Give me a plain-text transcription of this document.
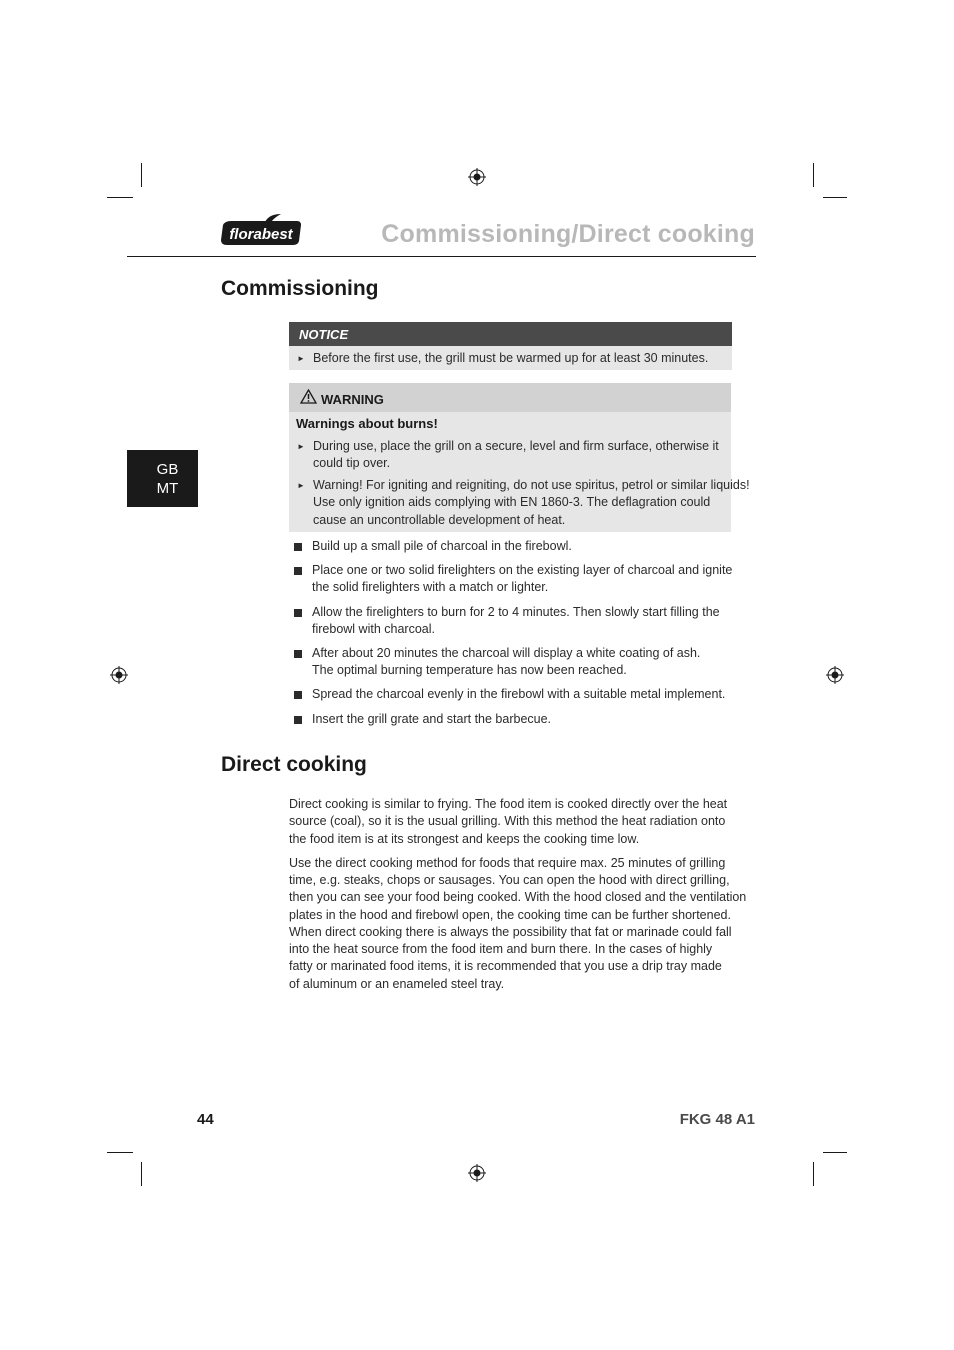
florabest	Commissioning/Direct cooking
GB
MT
Commissioning
NOTICE
► Before the first use, the grill must be warmed up for at least 30 minutes.
WARNING
Warnings about burns!
► During use, place the grill on a secure, level and firm surface, otherwise it
could tip over.
► Warning! For igniting and reigniting, do not use spiritus, petrol or similar liquids!
Use only ignition aids complying with EN 1860-3. The deflagration could
cause an uncontrollable development of heat.
Build up a small pile of charcoal in the firebowl.
Place one or two solid firelighters on the existing layer of charcoal and ignite
the solid firelighters with a match or lighter.
Allow the firelighters to burn for 2 to 4 minutes. Then slowly start filling the
firebowl with charcoal.
After about 20 minutes the charcoal will display a white coating of ash.
The optimal burning temperature has now been reached.
Spread the charcoal evenly in the firebowl with a suitable metal implement.
Insert the grill grate and start the barbecue.
Direct cooking
Direct cooking is similar to frying. The food item is cooked directly over the heat
source (coal), so it is the usual grilling. With this method the heat radiation onto
the food item is at its strongest and keeps the cooking time low.
Use the direct cooking method for foods that require max. 25 minutes of grilling
time, e.g. steaks, chops or sausages. You can open the hood with direct grilling,
then you can see your food being cooked. With the hood closed and the ventilation
plates in the hood and firebowl open, the cooking time can be further shortened.
When direct cooking there is always the possibility that fat or marinade could fall
into the heat source from the food item and burn there. In the cases of highly
fatty or marinated food items, it is recommended that you use a drip tray made
of aluminum or an enameled steel tray.
44	FKG 48 A1
